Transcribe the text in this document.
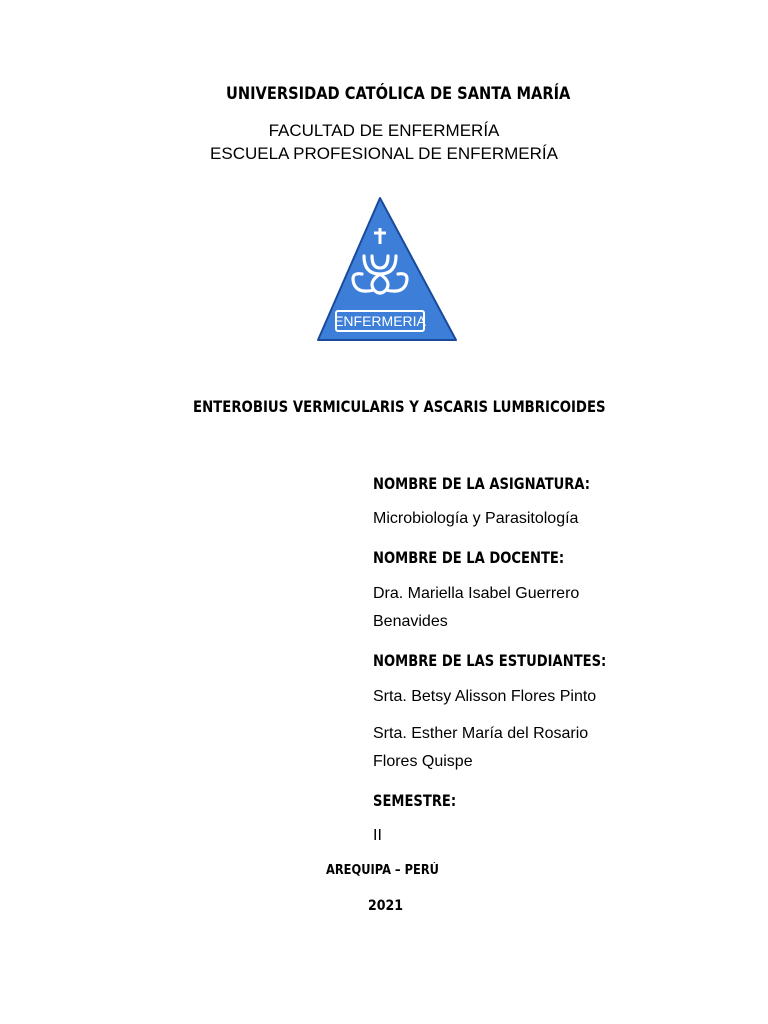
UNIVERSIDAD CATÓLICA DE SANTA MARÍA
FACULTAD DE ENFERMERÍA
ESCUELA PROFESIONAL DE ENFERMERÍA
ENFERMERIA
ENTEROBIUS VERMICULARIS Y ASCARIS LUMBRICOIDES
NOMBRE DE LA ASIGNATURA:
Microbiología y Parasitología
NOMBRE DE LA DOCENTE:
Dra. Mariella Isabel Guerrero
Benavides
NOMBRE DE LAS ESTUDIANTES:
Srta. Betsy Alisson Flores Pinto
Srta. Esther María del Rosario
Flores Quispe
SEMESTRE:
II
AREQUIPA – PERÚ
2021
